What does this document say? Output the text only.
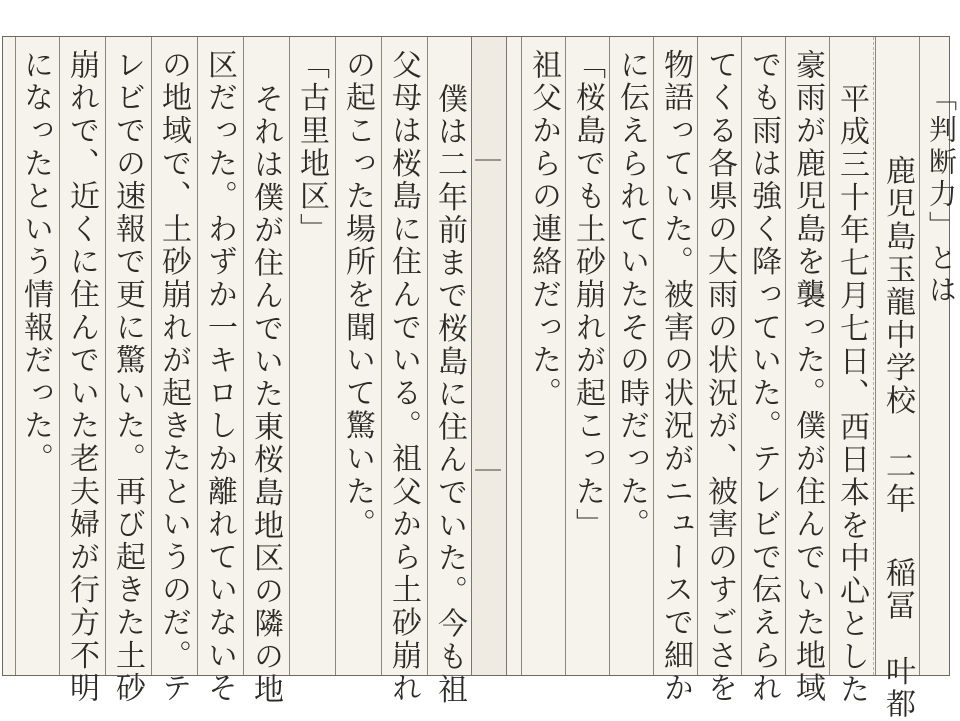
「判断力」とは
鹿児島玉龍中学校　二年
稲冨　叶都
平成三十年七月七日、西日本を中心とした
豪雨が鹿児島を襲った。僕が住んでいた地域
でも雨は強く降っていた。テレビで伝えられ
てくる各県の大雨の状況が、被害のすごさを
物語っていた。被害の状況がニュースで細か
に伝えられていたその時だった。
「桜島でも土砂崩れが起こった」
祖父からの連絡だった。
僕は二年前まで桜島に住んでいた。今も祖
父母は桜島に住んでいる。祖父から土砂崩れ
の起こった場所を聞いて驚いた。
「古里地区」
それは僕が住んでいた東桜島地区の隣の地
区だった。わずか一キロしか離れていないそ
の地域で、土砂崩れが起きたというのだ。テ
レビでの速報で更に驚いた。再び起きた土砂
崩れで、近くに住んでいた老夫婦が行方不明
になったという情報だった。
